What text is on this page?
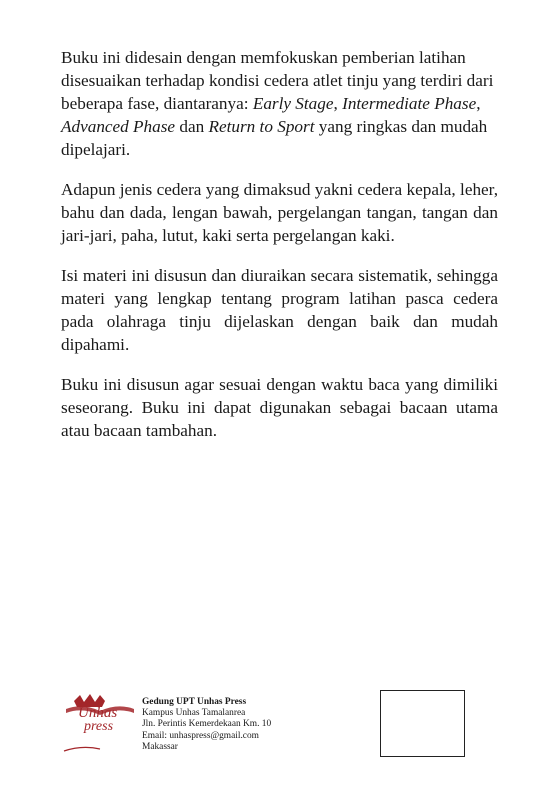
Buku ini didesain dengan memfokuskan pemberian latihan disesuaikan terhadap kondisi cedera atlet tinju yang terdiri dari beberapa fase, diantaranya: Early Stage, Intermediate Phase, Advanced Phase dan Return to Sport yang ringkas dan mudah dipelajari.

Adapun jenis cedera yang dimaksud yakni cedera kepala, leher, bahu dan dada, lengan bawah, pergelangan tangan, tangan dan jari-jari, paha, lutut, kaki serta pergelangan kaki.

Isi materi ini disusun dan diuraikan secara sistematik, sehingga materi yang lengkap tentang program latihan pasca cedera pada olahraga tinju dijelaskan dengan baik dan mudah dipahami.

Buku ini disusun agar sesuai dengan waktu baca yang dimiliki seseorang. Buku ini dapat digunakan sebagai bacaan utama atau bacaan tambahan.

Unhas
press
Gedung UPT Unhas Press
Kampus Unhas Tamalanrea
Jln. Perintis Kemerdekaan Km. 10
Email: unhaspress@gmail.com
Makassar
